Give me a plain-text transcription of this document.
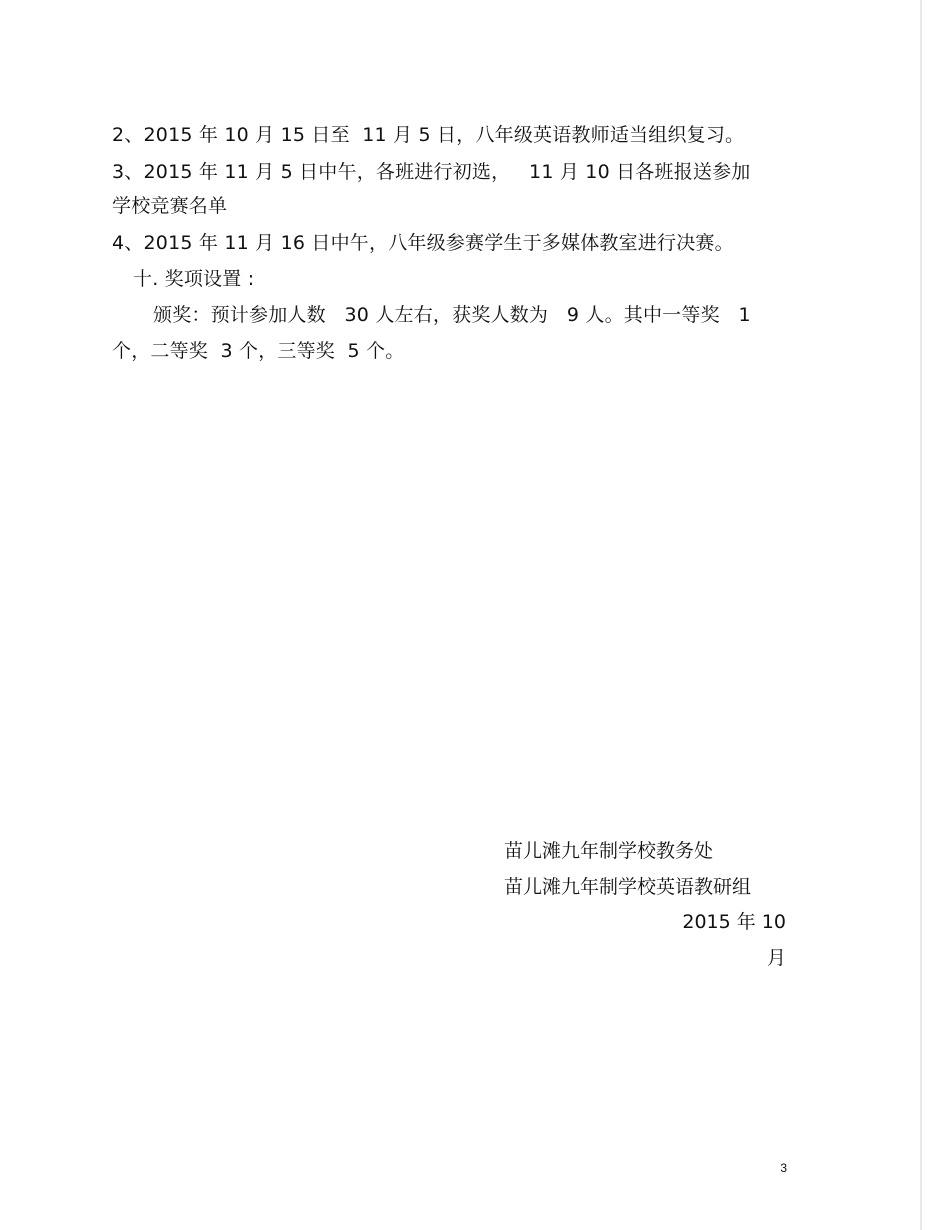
2、2015 年 10 月 15 日至  11 月 5 日，八年级英语教师适当组织复习。
3、2015 年 11 月 5 日中午，各班进行初选，   11 月 10 日各班报送参加
学校竞赛名单
4、2015 年 11 月 16 日中午，八年级参赛学生于多媒体教室进行决赛。
十. 奖项设置 :
颁奖：预计参加人数   30 人左右，获奖人数为   9 人。其中一等奖   1
个，二等奖  3 个，三等奖  5 个。
苗儿滩九年制学校教务处
苗儿滩九年制学校英语教研组
2015 年 10
月
3
